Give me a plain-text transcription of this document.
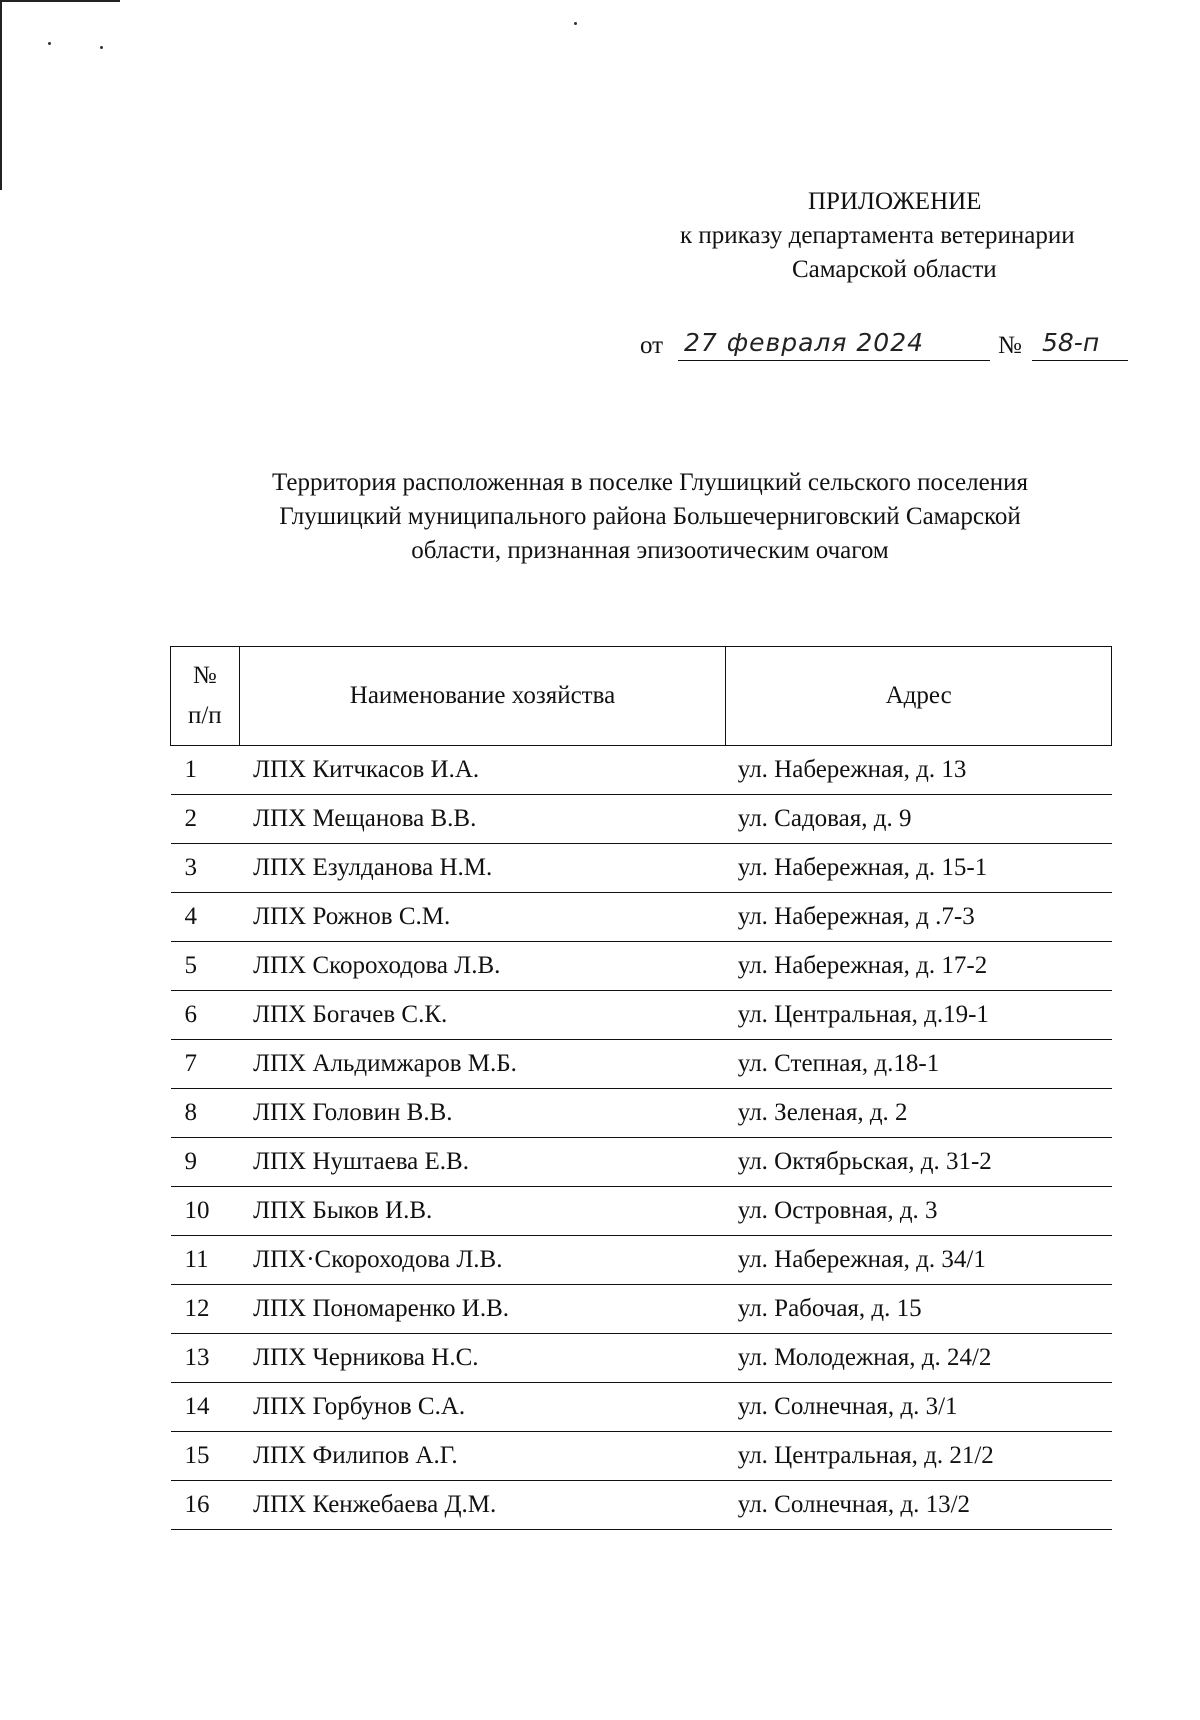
ПРИЛОЖЕНИЕ
к приказу департамента ветеринарии
Самарской области
от 27 февраля 2024	№ 58-п
Территория расположенная в поселке Глушицкий сельского поселения
Глушицкий муниципального района Большечерниговский Самарской
области, признанная эпизоотическим очагом
№
п/п	Наименование хозяйства	Адрес
1	ЛПХ Китчкасов И.А.	ул. Набережная, д. 13
2	ЛПХ Мещанова В.В.	ул. Садовая, д. 9
3	ЛПХ Езулданова Н.М.	ул. Набережная, д. 15-1
4	ЛПХ Рожнов С.М.	ул. Набережная, д .7-3
5	ЛПХ Скороходова Л.В.	ул. Набережная, д. 17-2
6	ЛПХ Богачев С.К.	ул. Центральная, д.19-1
7	ЛПХ Альдимжаров М.Б.	ул. Степная, д.18-1
8	ЛПХ Головин В.В.	ул. Зеленая, д. 2
9	ЛПХ Нуштаева Е.В.	ул. Октябрьская, д. 31-2
10	ЛПХ Быков И.В.	ул. Островная, д. 3
11	ЛПХ·Скороходова Л.В.	ул. Набережная, д. 34/1
12	ЛПХ Пономаренко И.В.	ул. Рабочая, д. 15
13	ЛПХ Черникова Н.С.	ул. Молодежная, д. 24/2
14	ЛПХ Горбунов С.А.	ул. Солнечная, д. 3/1
15	ЛПХ Филипов А.Г.	ул. Центральная, д. 21/2
16	ЛПХ Кенжебаева Д.М.	ул. Солнечная, д. 13/2
